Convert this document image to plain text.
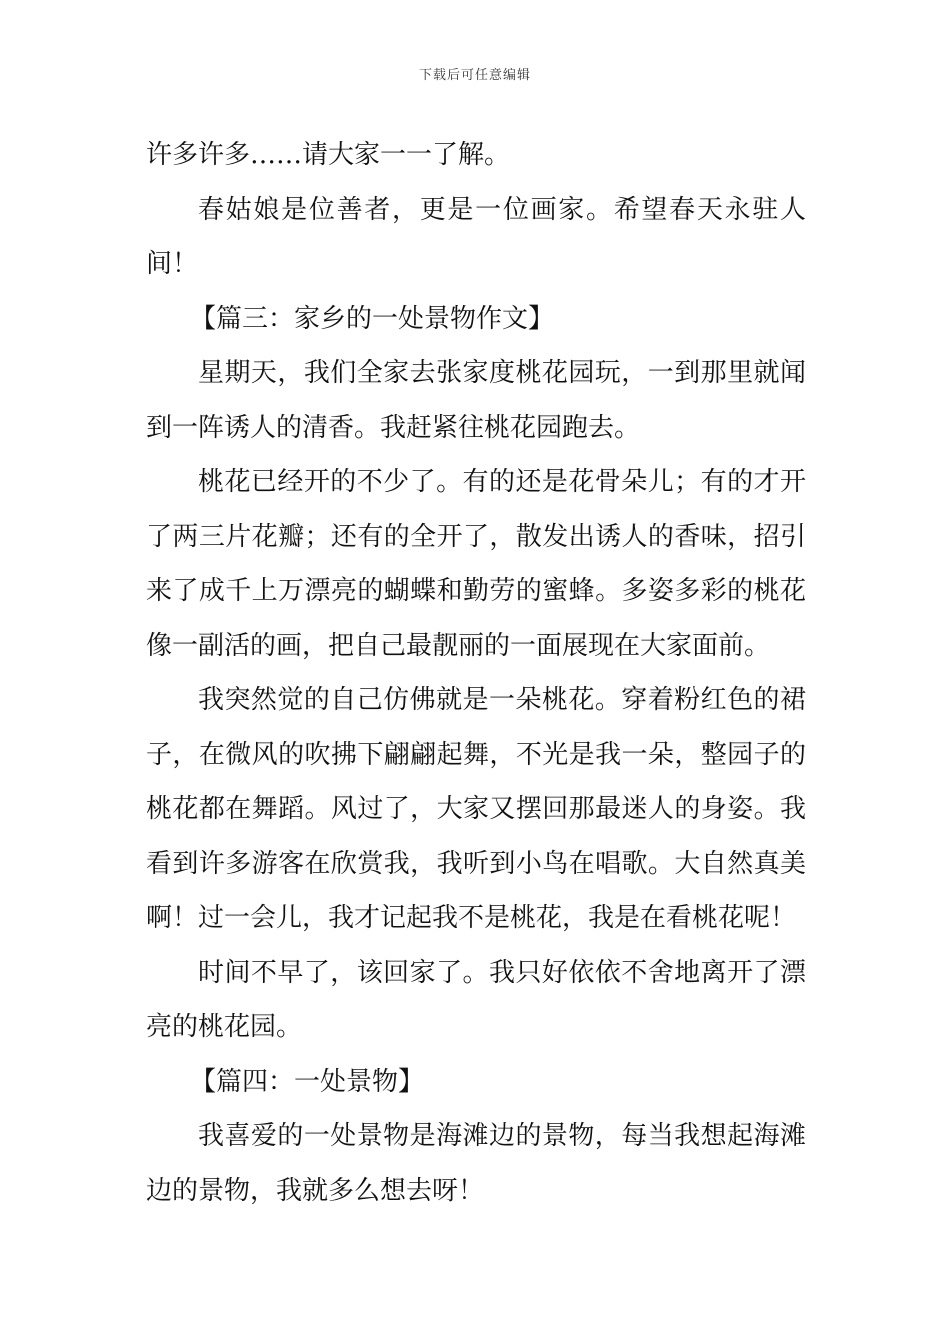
下载后可任意编辑

许多许多……请大家一一了解。

春姑娘是位善者，更是一位画家。希望春天永驻人间！

【篇三：家乡的一处景物作文】

星期天，我们全家去张家度桃花园玩，一到那里就闻到一阵诱人的清香。我赶紧往桃花园跑去。

桃花已经开的不少了。有的还是花骨朵儿；有的才开了两三片花瓣；还有的全开了，散发出诱人的香味，招引来了成千上万漂亮的蝴蝶和勤劳的蜜蜂。多姿多彩的桃花像一副活的画，把自己最靓丽的一面展现在大家面前。

我突然觉的自己仿佛就是一朵桃花。穿着粉红色的裙子，在微风的吹拂下翩翩起舞，不光是我一朵，整园子的桃花都在舞蹈。风过了，大家又摆回那最迷人的身姿。我看到许多游客在欣赏我，我听到小鸟在唱歌。大自然真美啊！过一会儿，我才记起我不是桃花，我是在看桃花呢！

时间不早了，该回家了。我只好依依不舍地离开了漂亮的桃花园。

【篇四：一处景物】

我喜爱的一处景物是海滩边的景物，每当我想起海滩边的景物，我就多么想去呀！
